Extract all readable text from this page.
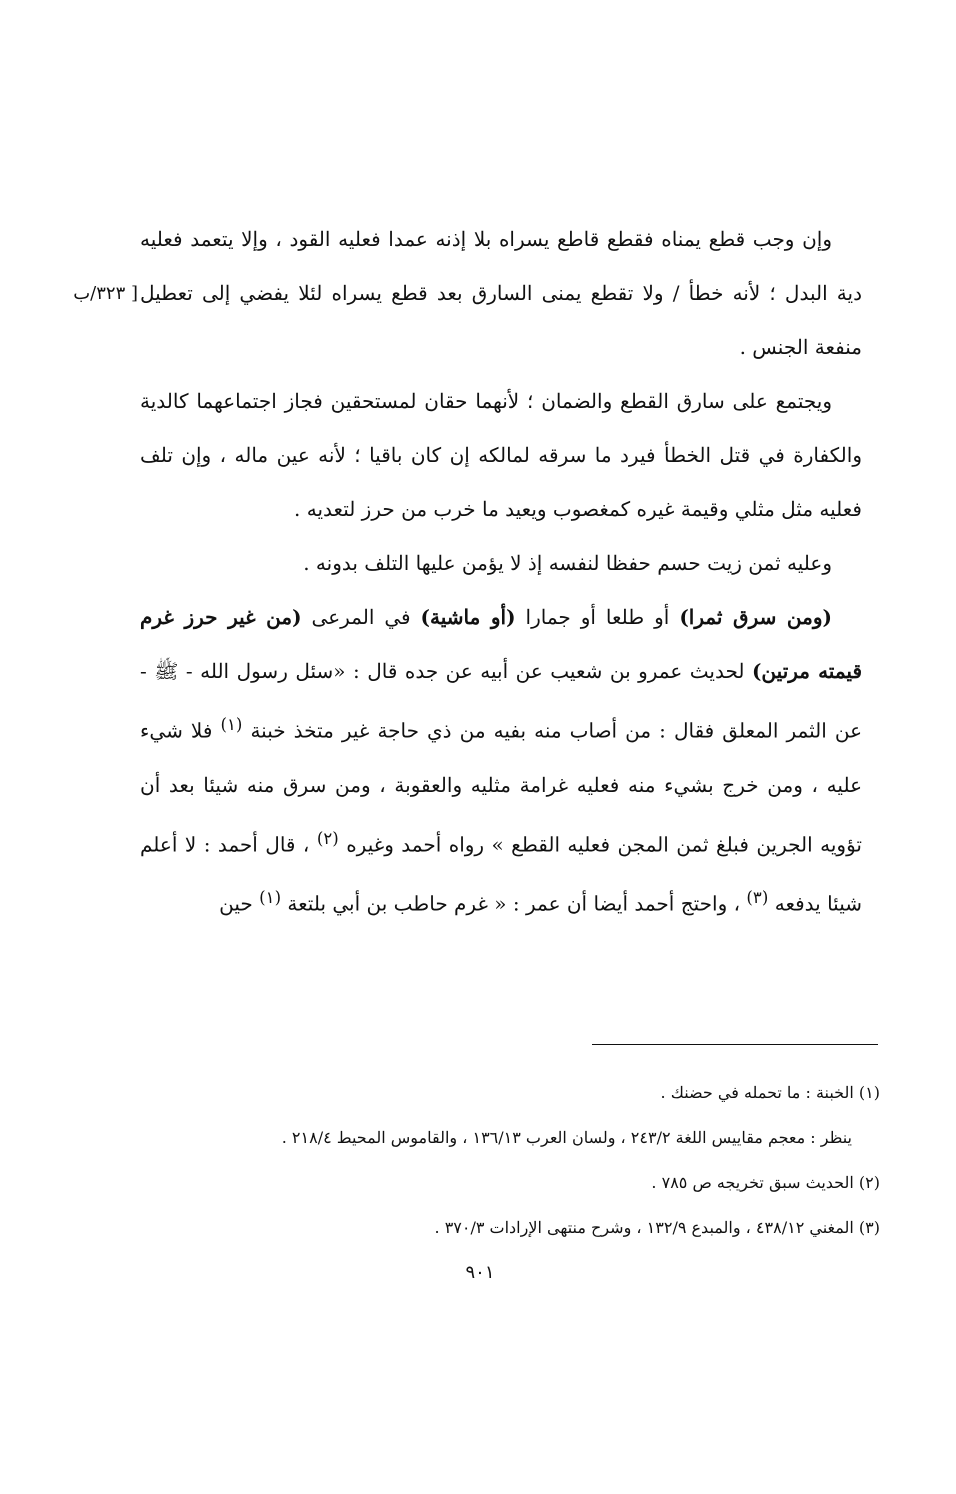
[ ٣٢٣/ب

وإن وجب قطع يمناه فقطع قاطع يسراه بلا إذنه عمدا فعليه القود ، وإلا يتعمد فعليه دية البدل ؛ لأنه خطأ / ولا تقطع يمنى السارق بعد قطع يسراه لئلا يفضي إلى تعطيل منفعة الجنس .

ويجتمع على سارق القطع والضمان ؛ لأنهما حقان لمستحقين فجاز اجتماعهما كالدية والكفارة في قتل الخطأ فيرد ما سرقه لمالكه إن كان باقيا ؛ لأنه عين ماله ، وإن تلف فعليه مثل مثلي وقيمة غيره كمغصوب ويعيد ما خرب من حرز لتعديه .

وعليه ثمن زيت حسم حفظا لنفسه إذ لا يؤمن عليها التلف بدونه .

(ومن سرق ثمرا) أو طلعا أو جمارا (أو ماشية) في المرعى (من غير حرز غرم قيمته مرتين) لحديث عمرو بن شعيب عن أبيه عن جده قال : «سئل رسول الله - ﷺ - عن الثمر المعلق فقال : من أصاب منه بفيه من ذي حاجة غير متخذ خبنة $^{(١)}$ فلا شيء عليه ، ومن خرج بشيء منه فعليه غرامة مثليه والعقوبة ، ومن سرق منه شيئا بعد أن تؤويه الجرين فبلغ ثمن المجن فعليه القطع » رواه أحمد وغيره $^{(٢)}$ ، قال أحمد : لا أعلم شيئا يدفعه $^{(٣)}$ ، واحتج أحمد أيضا أن عمر : « غرم حاطب بن أبي بلتعة $^{(١)}$ حين

(١) الخبنة : ما تحمله في حضنك .

ينظر : معجم مقاييس اللغة ٢٤٣/٢ ، ولسان العرب ١٣٦/١٣ ، والقاموس المحيط ٢١٨/٤ .

(٢) الحديث سبق تخريجه ص ٧٨٥ .

(٣) المغني ٤٣٨/١٢ ، والمبدع ١٣٢/٩ ، وشرح منتهى الإرادات ٣٧٠/٣ .

٩٠١
